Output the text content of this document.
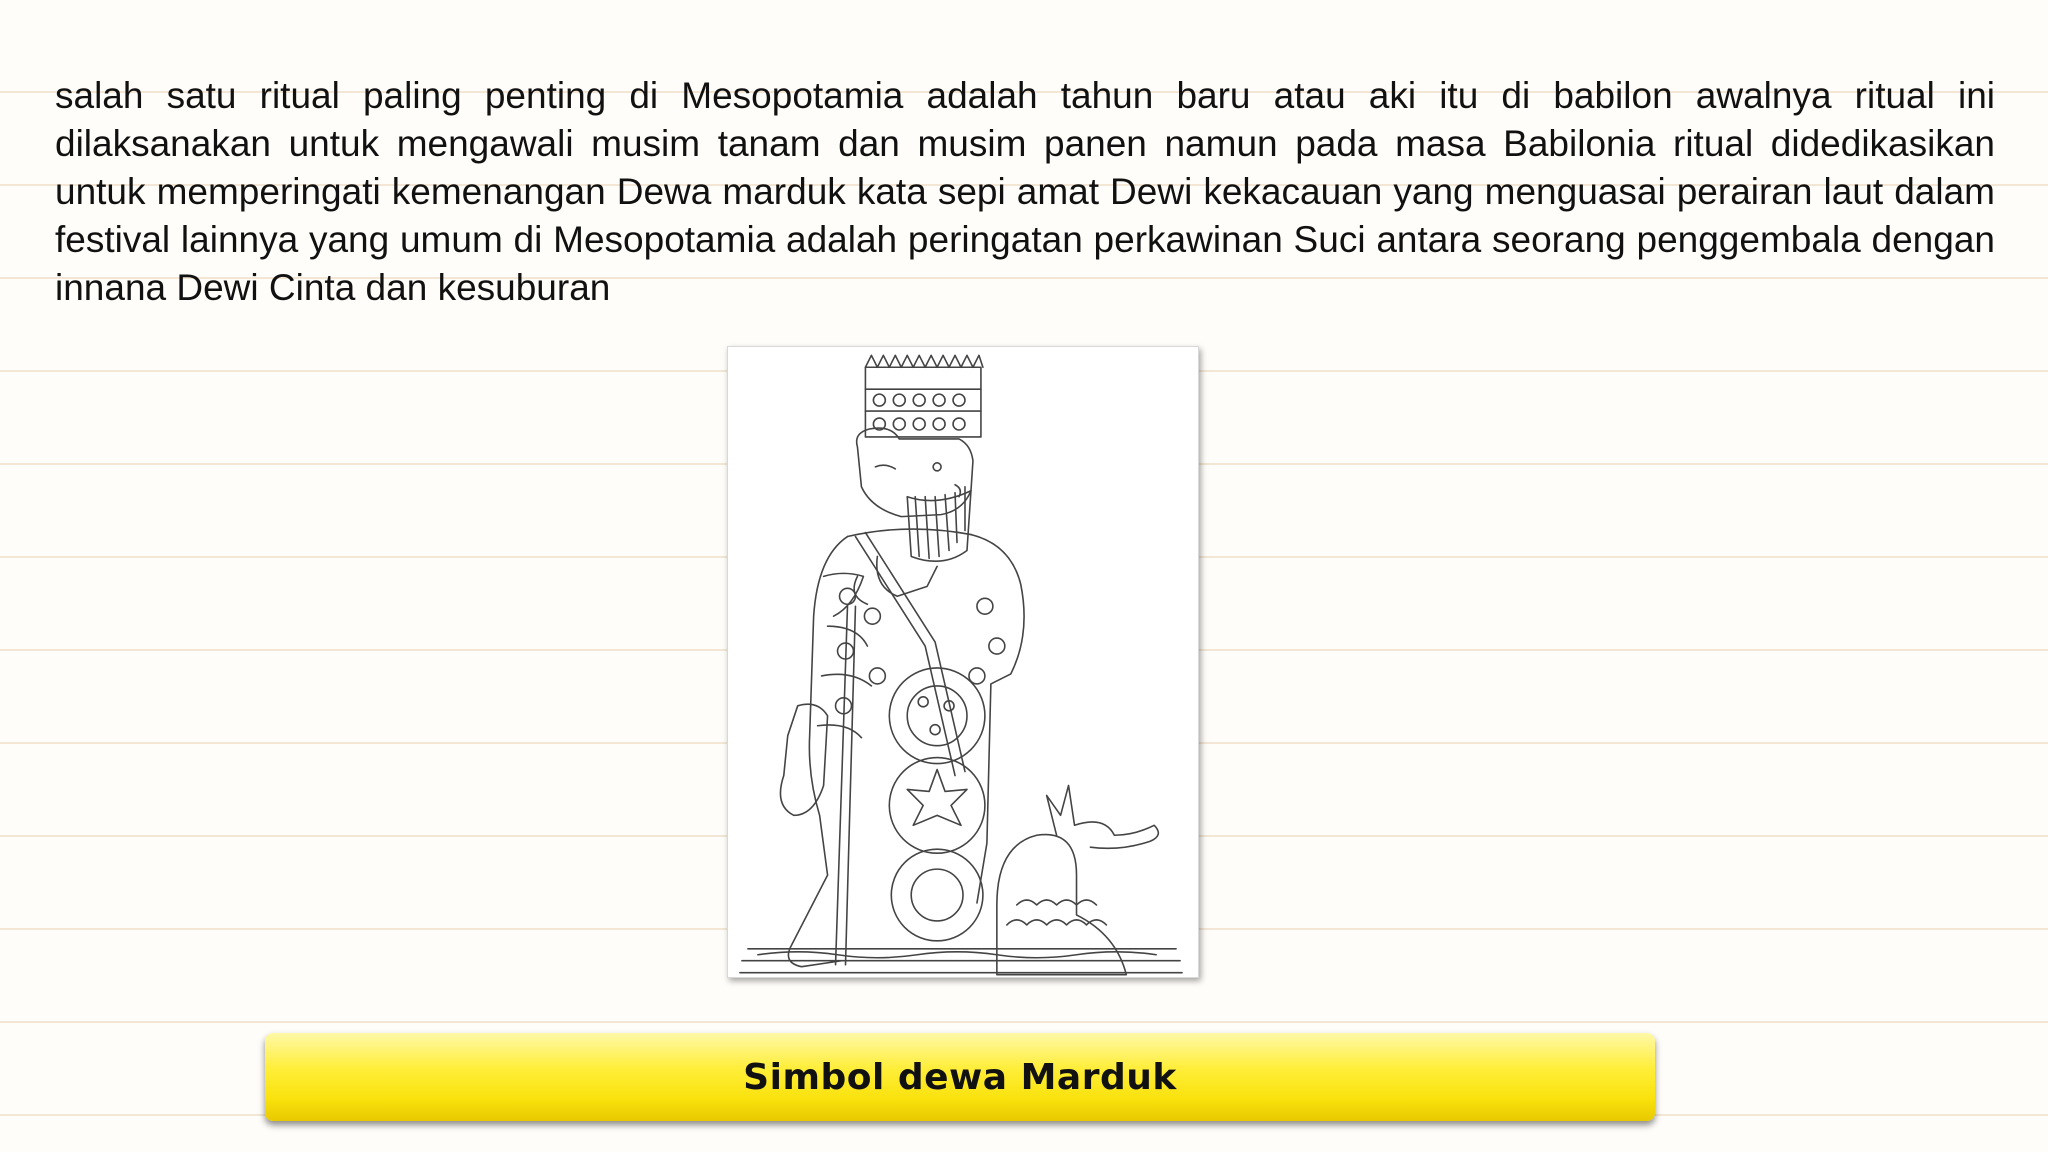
salah satu ritual paling penting di Mesopotamia adalah tahun baru atau aki itu di babilon awalnya ritual ini dilaksanakan untuk mengawali musim tanam dan musim panen namun pada masa Babilonia ritual didedikasikan untuk memperingati kemenangan Dewa marduk kata sepi amat Dewi kekacauan yang menguasai perairan laut dalam festival lainnya yang umum di Mesopotamia adalah peringatan perkawinan Suci antara seorang penggembala dengan innana Dewi Cinta dan kesuburan

Simbol dewa Marduk
